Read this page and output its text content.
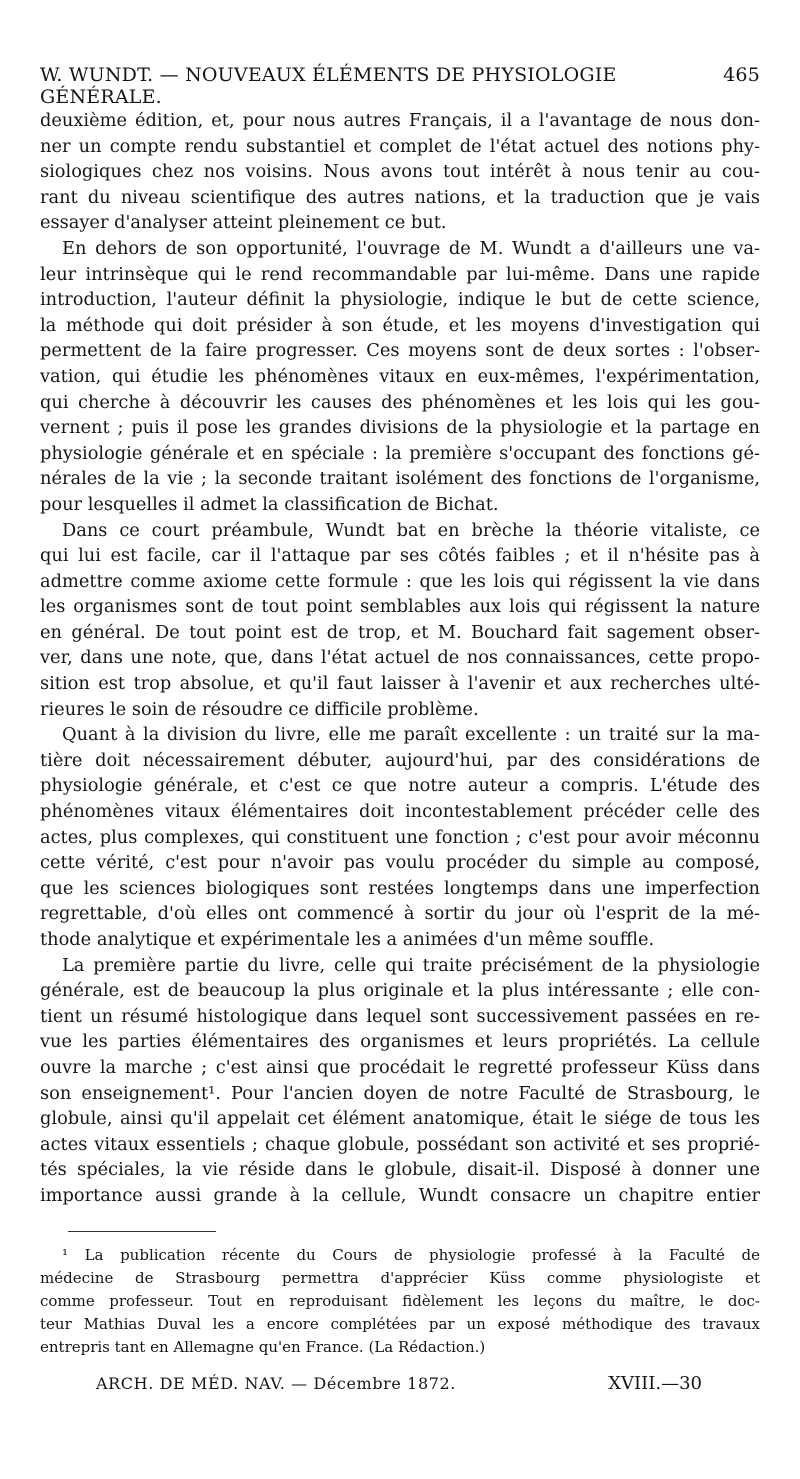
W. WUNDT. — NOUVEAUX ÉLÉMENTS DE PHYSIOLOGIE GÉNÉRALE.
465
deuxième édition, et, pour nous autres Français, il a l'avantage de nous don-
ner un compte rendu substantiel et complet de l'état actuel des notions phy-
siologiques chez nos voisins. Nous avons tout intérêt à nous tenir au cou-
rant du niveau scientifique des autres nations, et la traduction que je vais
essayer d'analyser atteint pleinement ce but.
En dehors de son opportunité, l'ouvrage de M. Wundt a d'ailleurs une va-
leur intrinsèque qui le rend recommandable par lui-même. Dans une rapide
introduction, l'auteur définit la physiologie, indique le but de cette science,
la méthode qui doit présider à son étude, et les moyens d'investigation qui
permettent de la faire progresser. Ces moyens sont de deux sortes : l'obser-
vation, qui étudie les phénomènes vitaux en eux-mêmes, l'expérimentation,
qui cherche à découvrir les causes des phénomènes et les lois qui les gou-
vernent ; puis il pose les grandes divisions de la physiologie et la partage en
physiologie générale et en spéciale : la première s'occupant des fonctions gé-
nérales de la vie ; la seconde traitant isolément des fonctions de l'organisme,
pour lesquelles il admet la classification de Bichat.
Dans ce court préambule, Wundt bat en brèche la théorie vitaliste, ce
qui lui est facile, car il l'attaque par ses côtés faibles ; et il n'hésite pas à
admettre comme axiome cette formule : que les lois qui régissent la vie dans
les organismes sont de tout point semblables aux lois qui régissent la nature
en général. De tout point est de trop, et M. Bouchard fait sagement obser-
ver, dans une note, que, dans l'état actuel de nos connaissances, cette propo-
sition est trop absolue, et qu'il faut laisser à l'avenir et aux recherches ulté-
rieures le soin de résoudre ce difficile problème.
Quant à la division du livre, elle me paraît excellente : un traité sur la ma-
tière doit nécessairement débuter, aujourd'hui, par des considérations de
physiologie générale, et c'est ce que notre auteur a compris. L'étude des
phénomènes vitaux élémentaires doit incontestablement précéder celle des
actes, plus complexes, qui constituent une fonction ; c'est pour avoir méconnu
cette vérité, c'est pour n'avoir pas voulu procéder du simple au composé,
que les sciences biologiques sont restées longtemps dans une imperfection
regrettable, d'où elles ont commencé à sortir du jour où l'esprit de la mé-
thode analytique et expérimentale les a animées d'un même souffle.
La première partie du livre, celle qui traite précisément de la physiologie
générale, est de beaucoup la plus originale et la plus intéressante ; elle con-
tient un résumé histologique dans lequel sont successivement passées en re-
vue les parties élémentaires des organismes et leurs propriétés. La cellule
ouvre la marche ; c'est ainsi que procédait le regretté professeur Küss dans
son enseignement¹. Pour l'ancien doyen de notre Faculté de Strasbourg, le
globule, ainsi qu'il appelait cet élément anatomique, était le siége de tous les
actes vitaux essentiels ; chaque globule, possédant son activité et ses proprié-
tés spéciales, la vie réside dans le globule, disait-il. Disposé à donner une
importance aussi grande à la cellule, Wundt consacre un chapitre entier
¹ La publication récente du Cours de physiologie professé à la Faculté de
médecine de Strasbourg permettra d'apprécier Küss comme physiologiste et
comme professeur. Tout en reproduisant fidèlement les leçons du maître, le doc-
teur Mathias Duval les a encore complétées par un exposé méthodique des travaux
entrepris tant en Allemagne qu'en France. (La Rédaction.)
ARCH. DE MÉD. NAV. — Décembre 1872.	XVIII.—30
